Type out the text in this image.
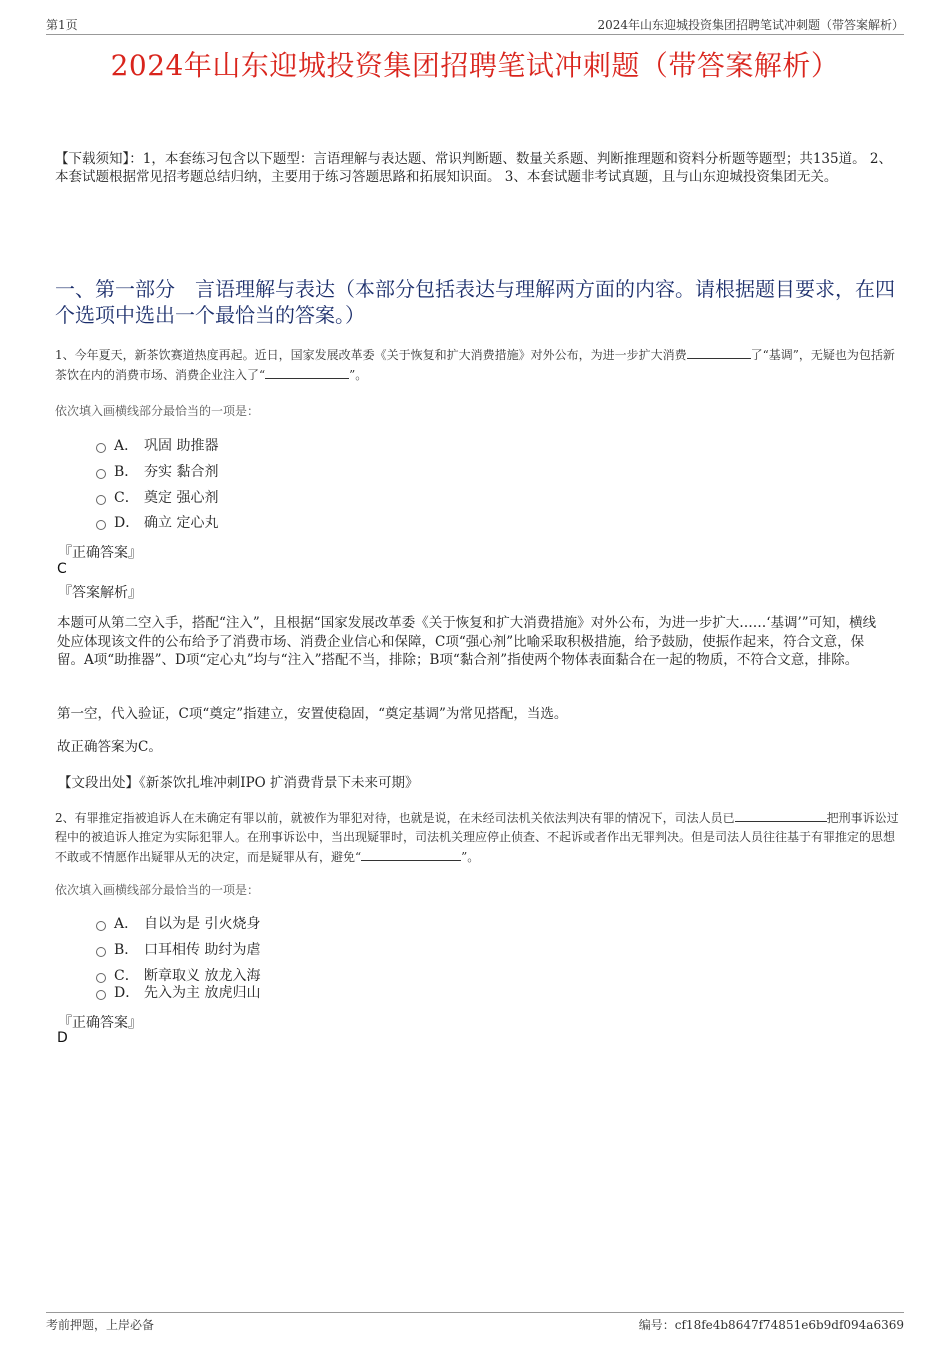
第1页	2024年山东迎城投资集团招聘笔试冲刺题（带答案解析）
2024年山东迎城投资集团招聘笔试冲刺题（带答案解析）
【下载须知】：1，本套练习包含以下题型：言语理解与表达题、常识判断题、数量关系题、判断推理题和资料分析题等题型；共135道。 2、本套试题根据常见招考题总结归纳，主要用于练习答题思路和拓展知识面。 3、本套试题非考试真题，且与山东迎城投资集团无关。
一、第一部分　言语理解与表达（本部分包括表达与理解两方面的内容。请根据题目要求，在四个选项中选出一个最恰当的答案。）
1、今年夏天，新茶饮赛道热度再起。近日，国家发展改革委《关于恢复和扩大消费措施》对外公布，为进一步扩大消费	了“基调”，无疑也为包括新茶饮在内的消费市场、消费企业注入了“	”。
依次填入画横线部分最恰当的一项是：
A． 巩固 助推器
B． 夯实 黏合剂
C． 奠定 强心剂
D． 确立 定心丸
『正确答案』
C
『答案解析』
本题可从第二空入手，搭配“注入”，且根据“国家发展改革委《关于恢复和扩大消费措施》对外公布，为进一步扩大……‘基调’”可知，横线处应体现该文件的公布给予了消费市场、消费企业信心和保障，C项“强心剂”比喻采取积极措施，给予鼓励，使振作起来，符合文意，保留。A项“助推器”、D项“定心丸”均与“注入”搭配不当，排除；B项“黏合剂”指使两个物体表面黏合在一起的物质，不符合文意，排除。
第一空，代入验证，C项“奠定”指建立，安置使稳固，“奠定基调”为常见搭配，当选。
故正确答案为C。
【文段出处】《新茶饮扎堆冲刺IPO 扩消费背景下未来可期》
2、有罪推定指被追诉人在未确定有罪以前，就被作为罪犯对待，也就是说，在未经司法机关依法判决有罪的情况下，司法人员已	把刑事诉讼过程中的被追诉人推定为实际犯罪人。在刑事诉讼中，当出现疑罪时，司法机关理应停止侦查、不起诉或者作出无罪判决。但是司法人员往往基于有罪推定的思想不敢或不情愿作出疑罪从无的决定，而是疑罪从有，避免“	”。
依次填入画横线部分最恰当的一项是：
A． 自以为是 引火烧身
B． 口耳相传 助纣为虐
C． 断章取义 放龙入海
D． 先入为主 放虎归山
『正确答案』
D
考前押题，上岸必备	编号：cf18fe4b8647f74851e6b9df094a6369
